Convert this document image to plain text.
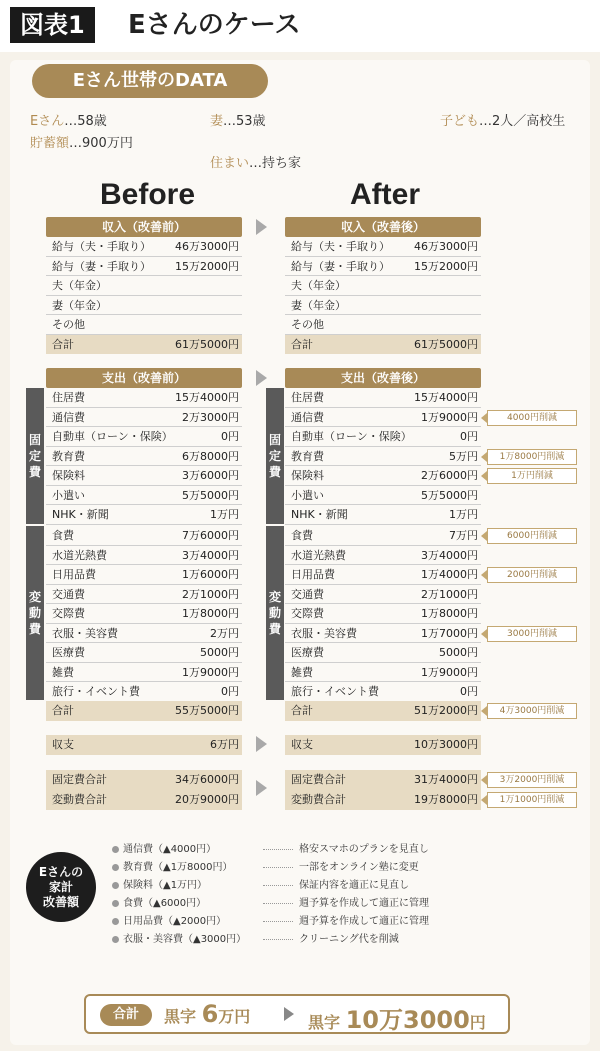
図表1	Eさんのケース
Eさん世帯のDATA
Eさん…58歳	妻…53歳	子ども…2人／高校生
貯蓄額…900万円
住まい…持ち家
Before	After
収入（改善前）	収入（改善後）
給与（夫・手取り） 46万3000円	給与（夫・手取り） 46万3000円
給与（妻・手取り） 15万2000円	給与（妻・手取り） 15万2000円
夫（年金）	夫（年金）
妻（年金）	妻（年金）
その他	その他
合計	61万5000円	合計	61万5000円
支出（改善前）	支出（改善後）
固
定
費
固
定
費
変
動
費
変
動
費
住居費	15万4000円	住居費	15万4000円
通信費	2万3000円	通信費	1万9000円	4000円削減
自動車（ローン・保険）	0円	自動車（ローン・保険）	0円
教育費	6万8000円	教育費	5万円	1万8000円削減
保険料	3万6000円	保険料	2万6000円	1万円削減
小遣い	5万5000円	小遣い	5万5000円
NHK・新聞	1万円	NHK・新聞	1万円
食費	7万6000円	食費	7万円	6000円削減
水道光熱費	3万4000円	水道光熱費	3万4000円
日用品費	1万6000円	日用品費	1万4000円	2000円削減
交通費	2万1000円	交通費	2万1000円
交際費	1万8000円	交際費	1万8000円
衣服・美容費	2万円	衣服・美容費	1万7000円	3000円削減
医療費	5000円	医療費	5000円
雑費	1万9000円	雑費	1万9000円
旅行・イベント費	0円	旅行・イベント費	0円
合計	55万5000円	合計	51万2000円	4万3000円削減
収支	6万円	収支	10万3000円
固定費合計	34万6000円	固定費合計	31万4000円	3万2000円削減
変動費合計	20万9000円	変動費合計	19万8000円	1万1000円削減
Eさんの
家計
改善額
通信費（▲4000円）	格安スマホのプランを見直し
教育費（▲1万8000円）	一部をオンライン塾に変更
保険料（▲1万円）	保証内容を適正に見直し
食費（▲6000円）	週予算を作成して適正に管理
日用品費（▲2000円）	週予算を作成して適正に管理
衣服・美容費（▲3000円）	クリーニング代を削減
合計	黒字 6万円	黒字 10万3000円
